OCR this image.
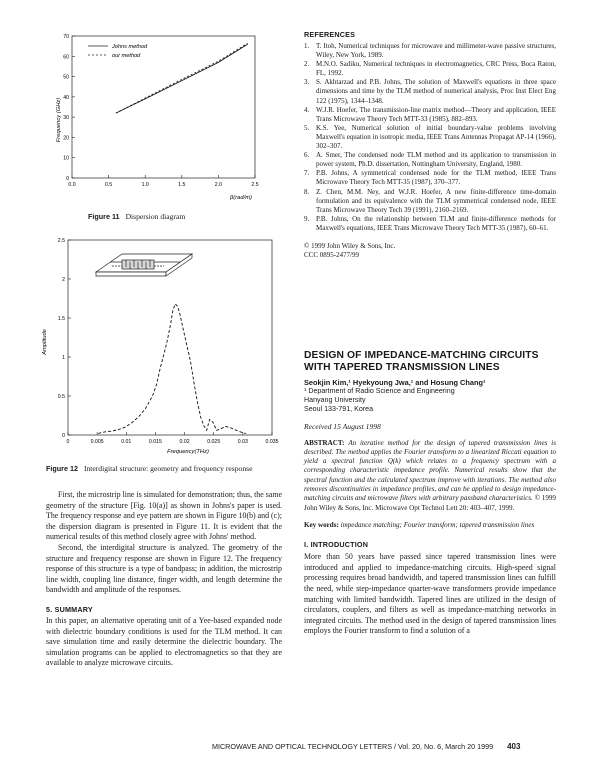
0.0	0.5	1.0	1.5	2.0	2.5
0
10
20
30
40
50
60
70
Johns method
our method
Frequency (GHz)
β(rad/m)
Figure 11 Dispersion diagram
0	0.005	0.01	0.015	0.02	0.025	0.03	0.035
0
0.5
1
1.5
2
2.5
Amplitude
Frequency(THz)
Figure 12 Interdigital structure: geometry and frequency response

First, the microstrip line is simulated for demonstration; thus, the same geometry of the structure [Fig. 10(a)] as shown in Johns's paper is used. The frequency response and eye pattern are shown in Figure 10(b) and (c); the dispersion diagram is presented in Figure 11. It is evident that the numerical results of this method closely agree with Johns' method.

Second, the interdigital structure is analyzed. The geometry of the structure and frequency response are shown in Figure 12. The frequency response of this structure is a type of bandpass; in addition, the microstrip line width, coupling line distance, finger width, and length determine the bandwidth and amplitude of the responses.

5. SUMMARY

In this paper, an alternative operating unit of a Yee-based expanded node with dielectric boundary conditions is used for the TLM method. It can save simulation time and easily determine the dielectric boundary. The simulation programs can be applied to electromagnetics so that they are available to analyze microwave circuits.

REFERENCES
1. T. Itoh, Numerical techniques for microwave and millimeter-wave passive structures, Wiley, New York, 1989.
2. M.N.O. Sadiku, Numerical techniques in electromagnetics, CRC Press, Boca Raton, FL, 1992.
3. S. Akhtarzad and P.B. Johns, The solution of Maxwell's equations in three space dimensions and time by the TLM method of numerical analysis, Proc Inst Elect Eng 122 (1975), 1344–1348.
4. W.J.R. Hoefer, The transmission-line matrix method—Theory and application, IEEE Trans Microwave Theory Tech MTT-33 (1985), 882–893.
5. K.S. Yee, Numerical solution of initial boundary-value problems involving Maxwell's equation in isotropic media, IEEE Trans Antennas Propagat AP-14 (1966), 302–307.
6. A. Smer, The condensed node TLM method and its application to transmission in power system, Ph.D. dissertation, Nottingham University, England, 1980.
7. P.B. Johns, A symmetrical condensed node for the TLM method, IEEE Trans Microwave Theory Tech MTT-35 (1987), 370–377.
8. Z. Chen, M.M. Ney, and W.J.R. Hoefer, A new finite-difference time-domain formulation and its equivalence with the TLM symmetrical condensed node, IEEE Trans Microwave Theory Tech 39 (1991), 2160–2169.
9. P.B. Johns, On the relationship between TLM and finite-difference methods for Maxwell's equations, IEEE Trans Microwave Theory Tech MTT-35 (1987), 60–61.
© 1999 John Wiley & Sons, Inc.
CCC 0895-2477/99
DESIGN OF IMPEDANCE-MATCHING CIRCUITS WITH TAPERED TRANSMISSION LINES
Seokjin Kim,¹ Hyekyoung Jwa,¹ and Hosung Chang¹
¹ Department of Radio Science and Engineering
Hanyang University
Seoul 133-791, Korea
Received 15 August 1998
ABSTRACT: An iterative method for the design of tapered transmission lines is described. The method applies the Fourier transform to a linearized Riccati equation to yield a spectral function Q(k) which relates to a frequency spectrum with a corresponding characteristic impedance profile. Numerical results show that the spectral function and the calculated spectrum improve with iterations. The method also removes discontinuities in impedance profiles, and can be applied to design impedance-matching circuits and microwave filters with arbitrary passband characteristics. © 1999 John Wiley & Sons, Inc. Microwave Opt Technol Lett 20: 403–407, 1999.
Key words: impedance matching; Fourier transform; tapered transmission lines
I. INTRODUCTION

More than 50 years have passed since tapered transmission lines were introduced and applied to impedance-matching circuits. High-speed signal processing requires broad bandwidth, and tapered transmission lines can fulfill the need, while step-impedance quarter-wave transformers provide impedance matching with limited bandwidth. Tapered lines are utilized in the design of circulators, couplers, and filters as well as impedance-matching networks in integrated circuits. The method used in the design of tapered transmission lines employs the Fourier transform to find a solution of a

MICROWAVE AND OPTICAL TECHNOLOGY LETTERS / Vol. 20, No. 6, March 20 1999 403
